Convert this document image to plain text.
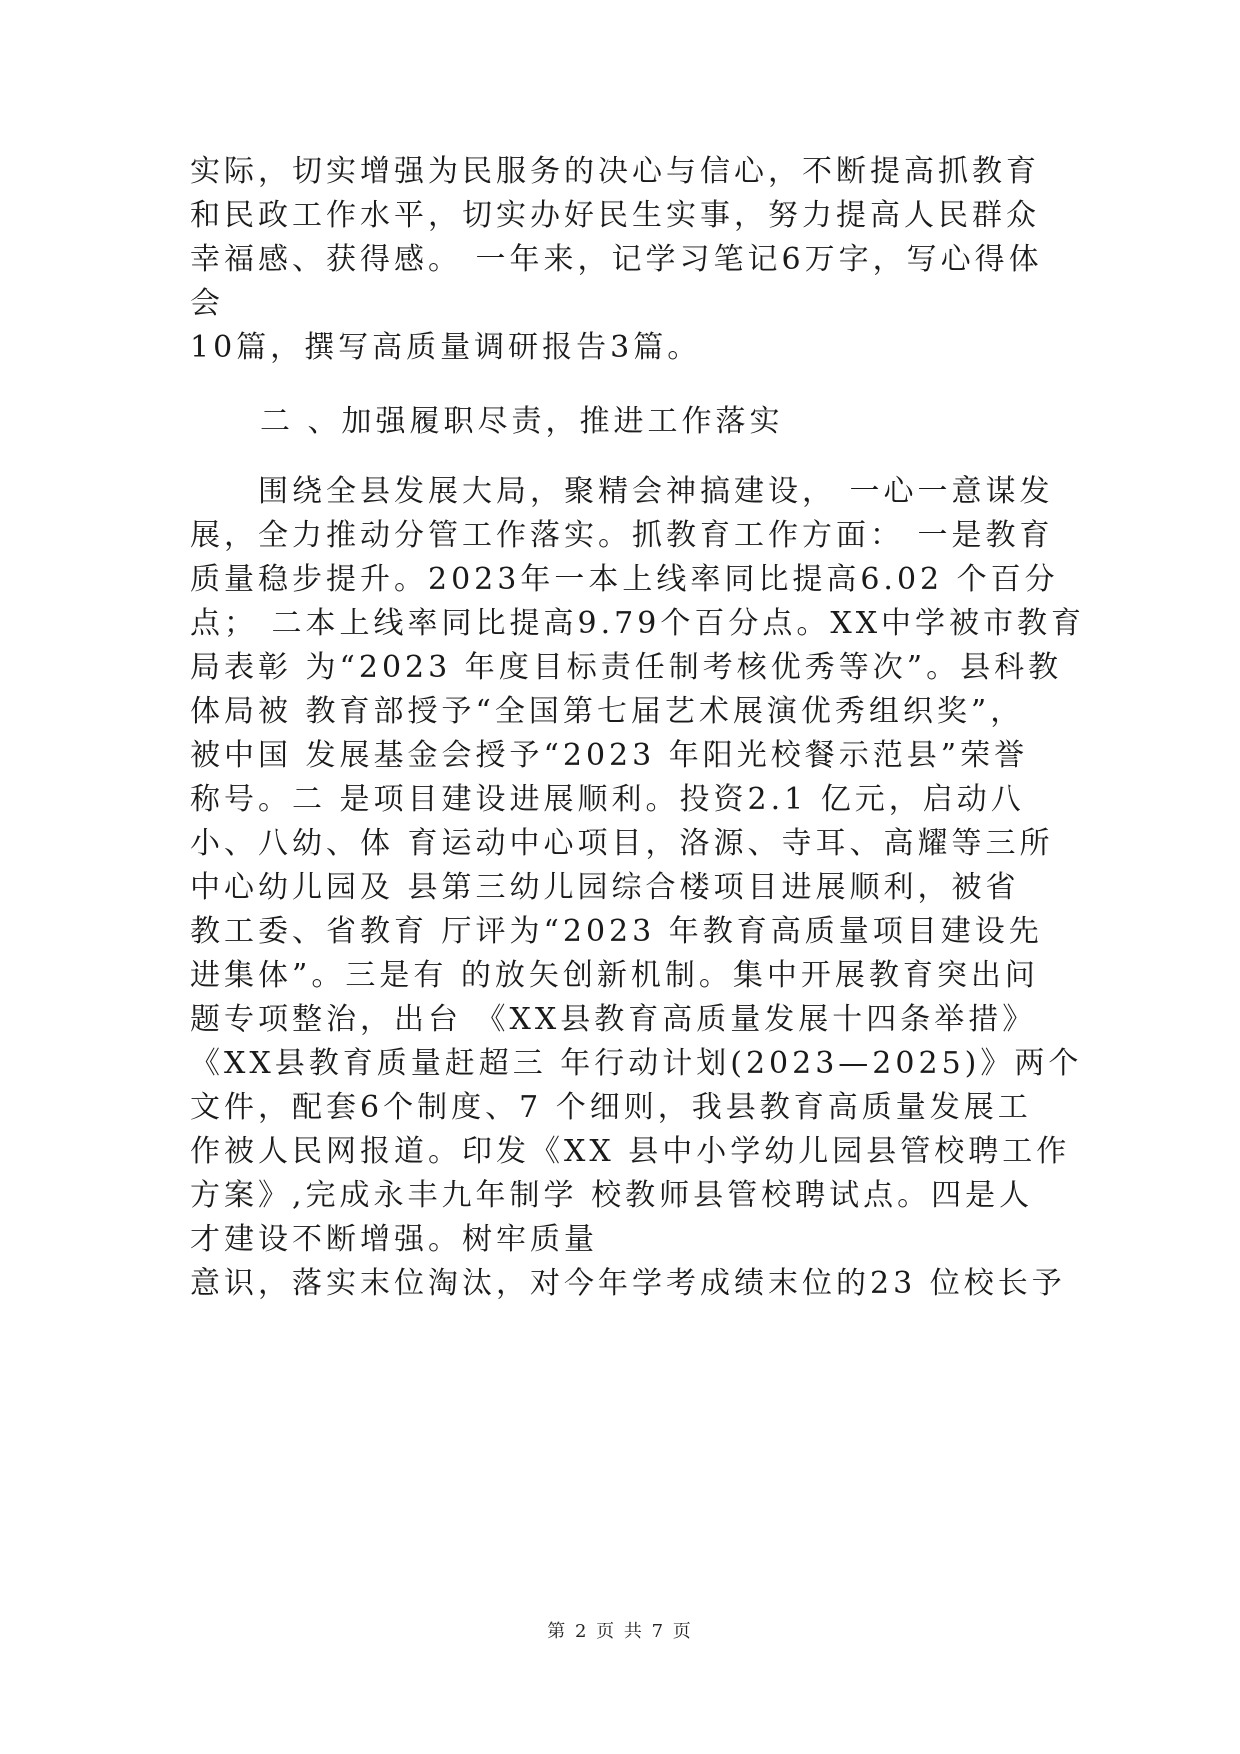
实际，切实增强为民服务的决心与信心，不断提高抓教育
和民政工作水平，切实办好民生实事，努力提高人民群众
幸福感、获得感。 一年来，记学习笔记6万字，写心得体
会
10篇，撰写高质量调研报告3篇。
二 、加强履职尽责，推进工作落实
　　围绕全县发展大局，聚精会神搞建设， 一心一意谋发
展，全力推动分管工作落实。抓教育工作方面： 一是教育
质量稳步提升。2023年一本上线率同比提高6.02 个百分
点； 二本上线率同比提高9.79个百分点。XX中学被市教育
局表彰 为“2023 年度目标责任制考核优秀等次”。县科教
体局被 教育部授予“全国第七届艺术展演优秀组织奖”，
被中国 发展基金会授予“2023 年阳光校餐示范县”荣誉
称号。二 是项目建设进展顺利。投资2.1 亿元，启动八
小、八幼、体 育运动中心项目，洛源、寺耳、高耀等三所
中心幼儿园及 县第三幼儿园综合楼项目进展顺利，被省
教工委、省教育 厅评为“2023 年教育高质量项目建设先
进集体”。三是有 的放矢创新机制。集中开展教育突出问
题专项整治，出台 《XX县教育高质量发展十四条举措》
《XX县教育质量赶超三 年行动计划(2023—2025)》两个
文件，配套6个制度、7 个细则，我县教育高质量发展工
作被人民网报道。印发《XX 县中小学幼儿园县管校聘工作
方案》,完成永丰九年制学 校教师县管校聘试点。四是人
才建设不断增强。树牢质量
意识，落实末位淘汰，对今年学考成绩末位的23 位校长予
第 2 页 共 7 页
